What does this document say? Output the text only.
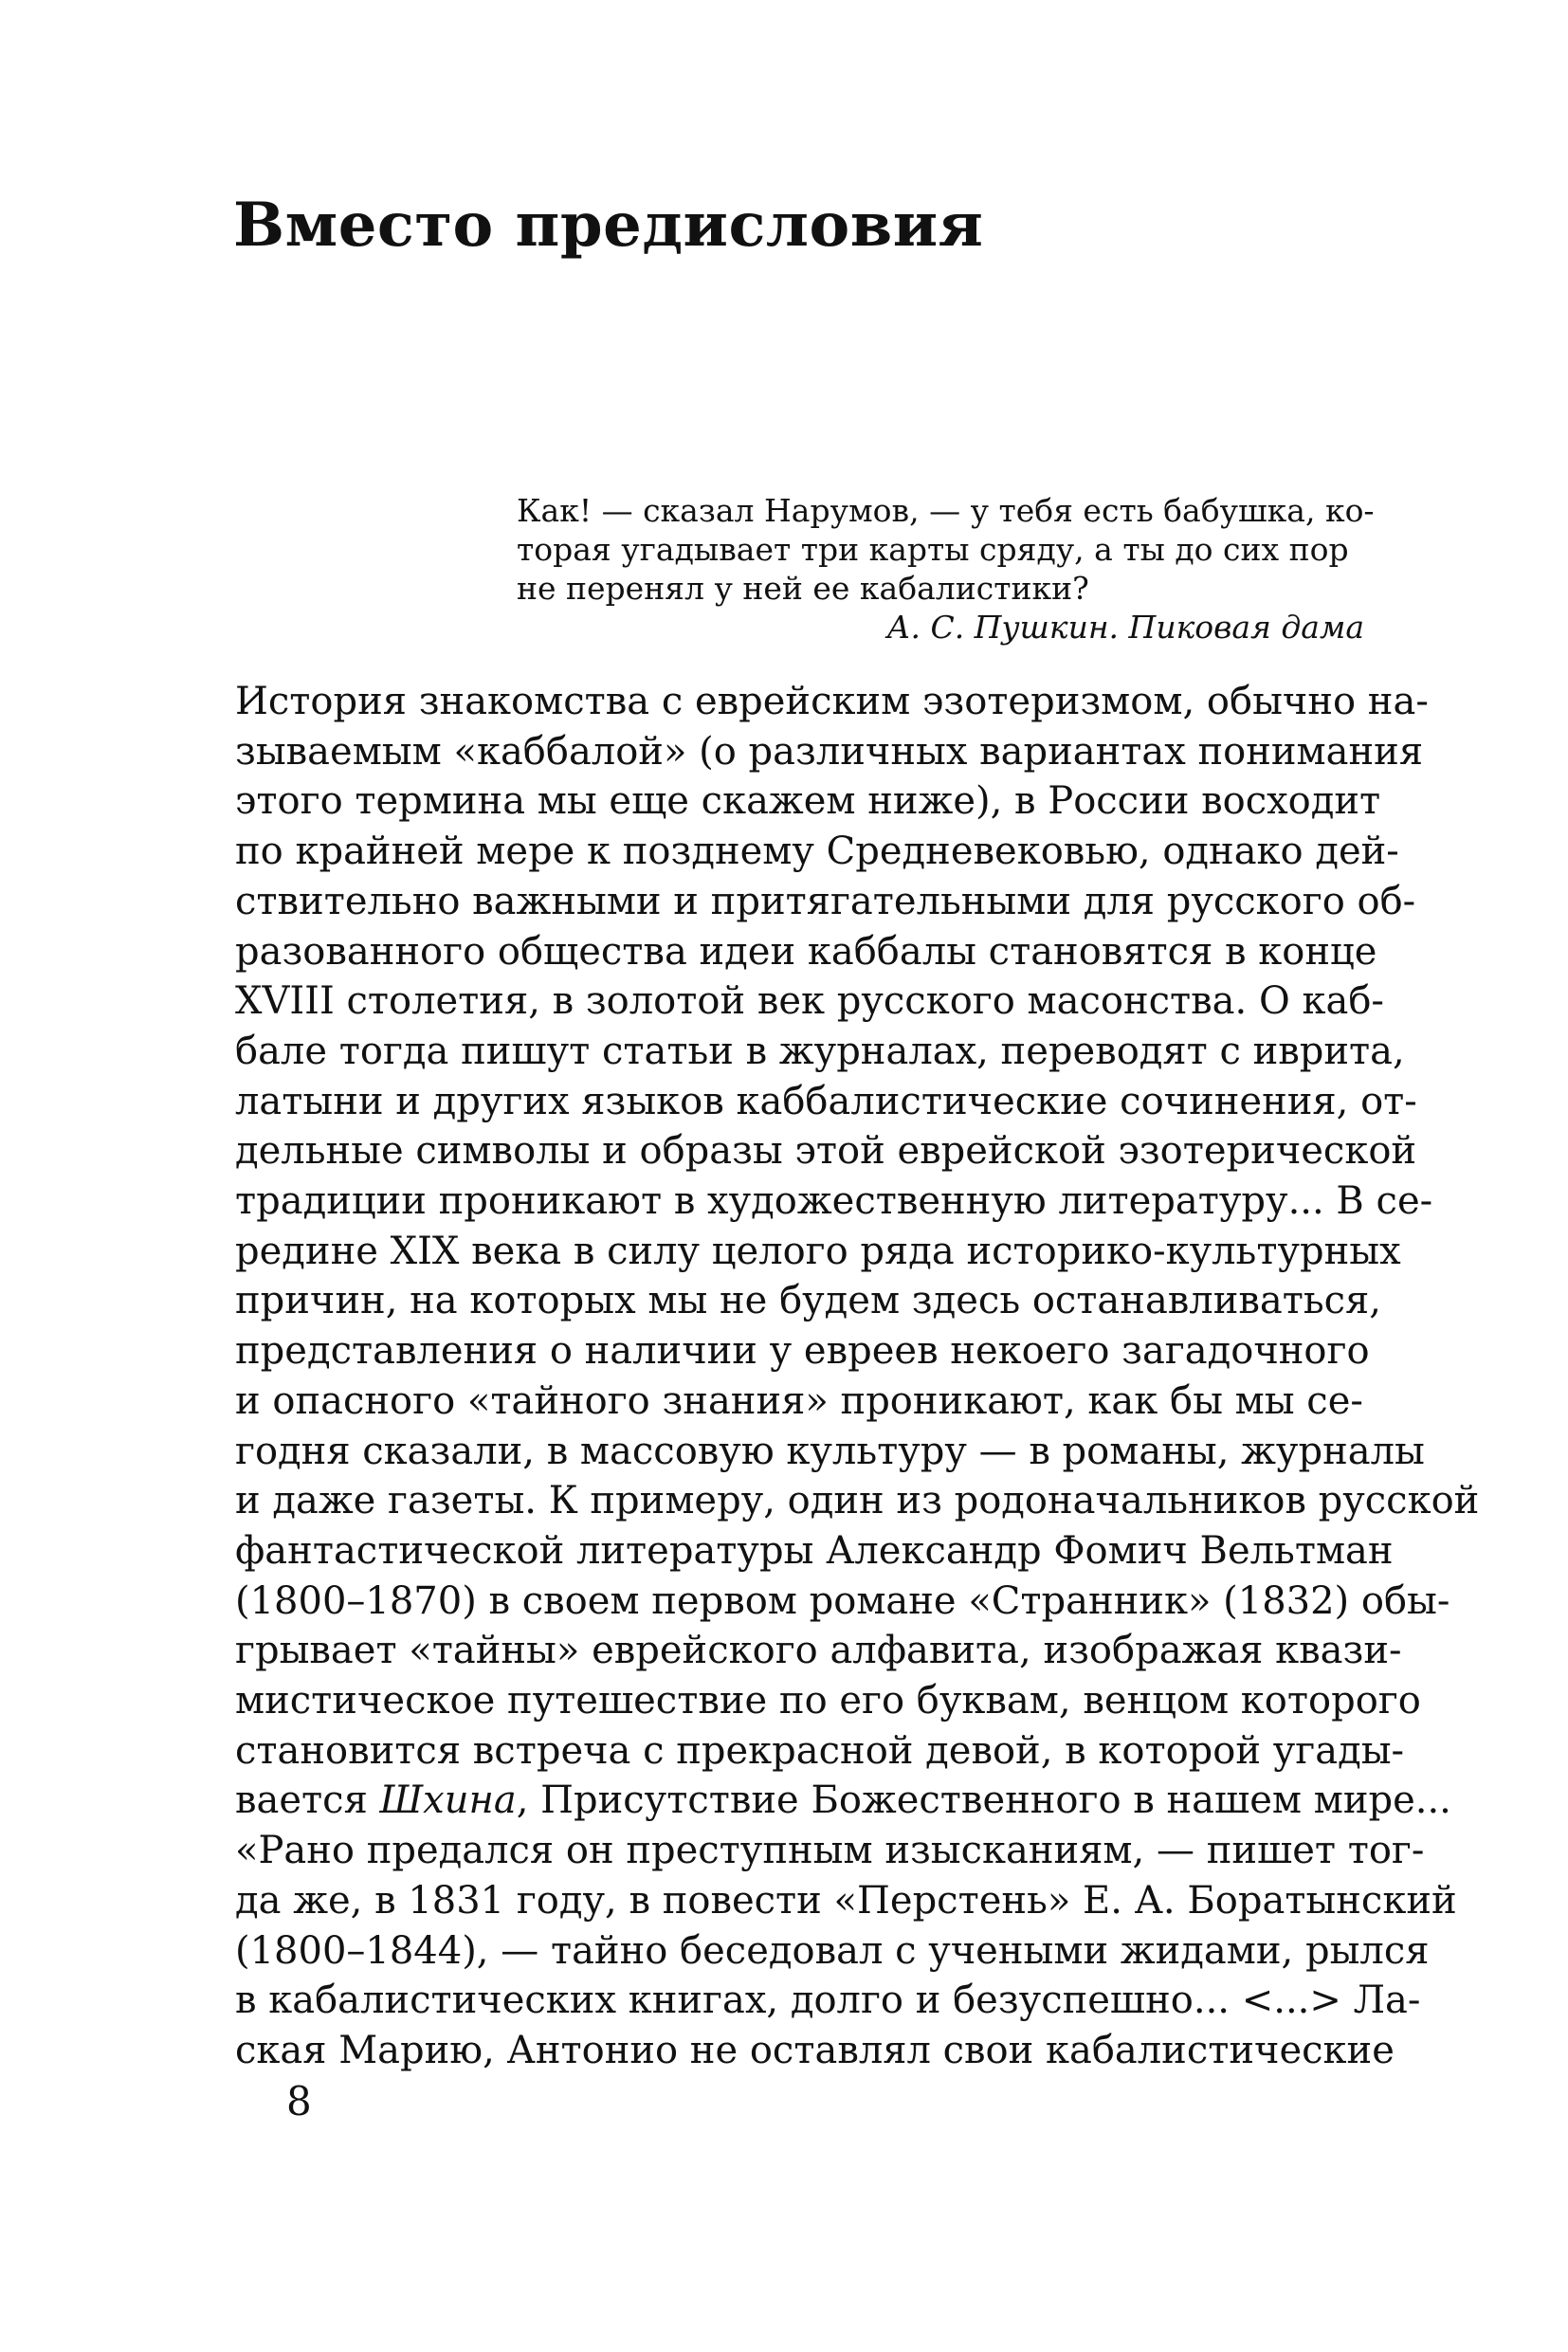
Вместо предисловия
Как! — сказал Нарумов, — у тебя есть бабушка, ко-
торая угадывает три карты сряду, а ты до сих пор
не перенял у ней ее кабалистики?
А. С. Пушкин. Пиковая дама
История знакомства с еврейским эзотеризмом, обычно на-
зываемым «каббалой» (о различных вариантах понимания
этого термина мы еще скажем ниже), в России восходит
по крайней мере к позднему Средневековью, однако дей-
ствительно важными и притягательными для русского об-
разованного общества идеи каббалы становятся в конце
XVIII столетия, в золотой век русского масонства. О каб-
бале тогда пишут статьи в журналах, переводят с иврита,
латыни и других языков каббалистические сочинения, от-
дельные символы и образы этой еврейской эзотерической
традиции проникают в художественную литературу... В се-
редине XIX века в силу целого ряда историко-культурных
причин, на которых мы не будем здесь останавливаться,
представления о наличии у евреев некоего загадочного
и опасного «тайного знания» проникают, как бы мы се-
годня сказали, в массовую культуру — в романы, журналы
и даже газеты. К примеру, один из родоначальников русской
фантастической литературы Александр Фомич Вельтман
(1800–1870) в своем первом романе «Странник» (1832) обы-
грывает «тайны» еврейского алфавита, изображая квази-
мистическое путешествие по его буквам, венцом которого
становится встреча с прекрасной девой, в которой угады-
вается Шхина, Присутствие Божественного в нашем мире...
«Рано предался он преступным изысканиям, — пишет тог-
да же, в 1831 году, в повести «Перстень» Е. А. Боратынский
(1800–1844), — тайно беседовал с учеными жидами, рылся
в кабалистических книгах, долго и безуспешно... <...> Ла-
ская Марию, Антонио не оставлял свои кабалистические
8
